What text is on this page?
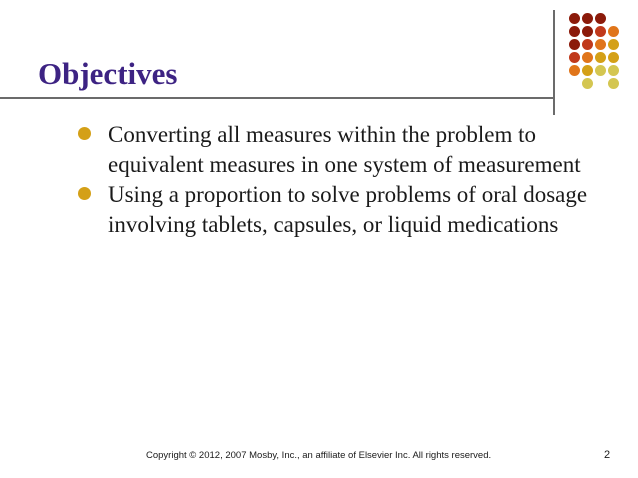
Objectives
Converting all measures within the problem to equivalent measures in one system of measurement
Using a proportion to solve problems of oral dosage involving tablets, capsules, or liquid medications
Copyright © 2012, 2007 Mosby, Inc., an affiliate of Elsevier Inc. All rights reserved.	2
